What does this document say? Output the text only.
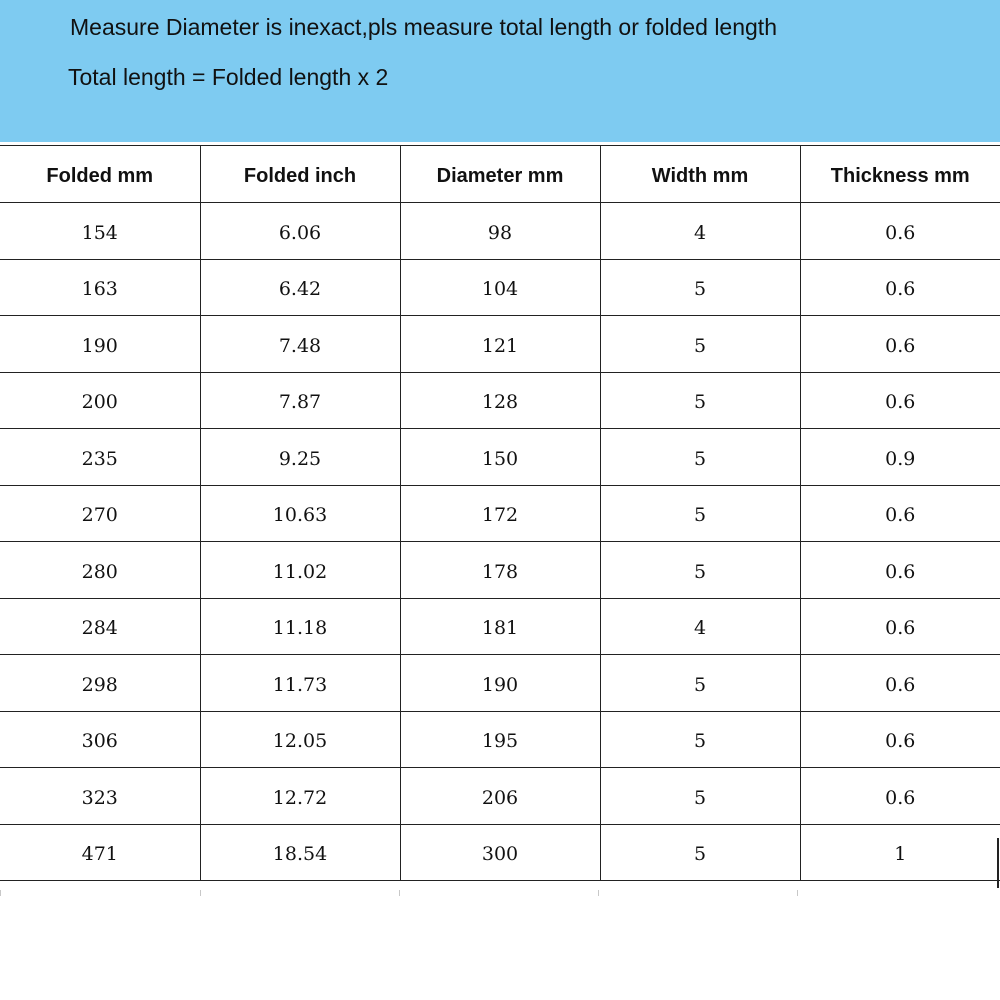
Measure Diameter is inexact,pls measure total length or folded length
Total length = Folded length x 2
Folded mm	Folded inch	Diameter mm	Width mm	Thickness mm
154	6.06	98	4	0.6
163	6.42	104	5	0.6
190	7.48	121	5	0.6
200	7.87	128	5	0.6
235	9.25	150	5	0.9
270	10.63	172	5	0.6
280	11.02	178	5	0.6
284	11.18	181	4	0.6
298	11.73	190	5	0.6
306	12.05	195	5	0.6
323	12.72	206	5	0.6
471	18.54	300	5	1
